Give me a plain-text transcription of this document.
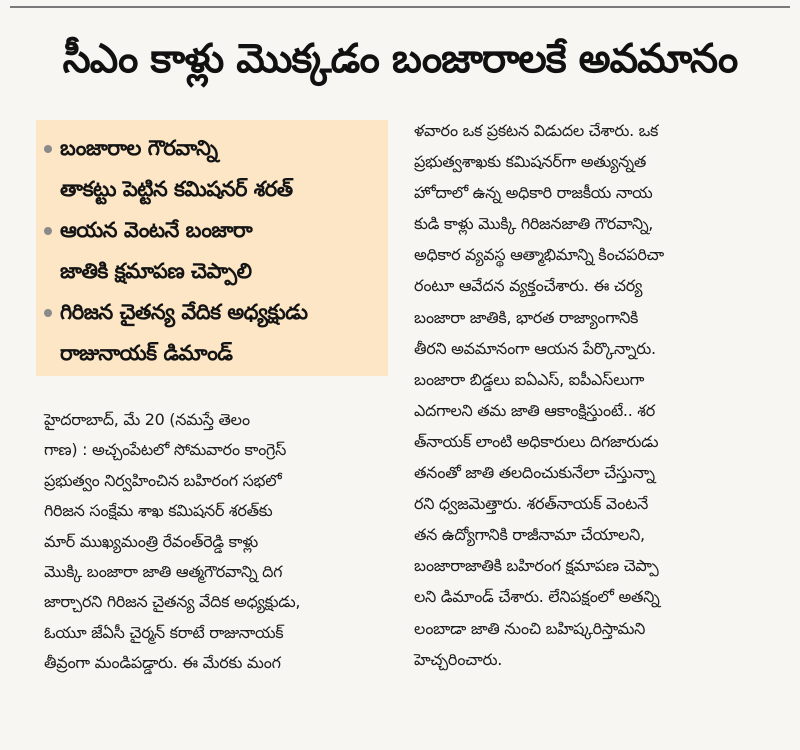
సీఎం కాళ్లు మొక్కడం బంజారాలకే అవమానం
బంజారాల గౌరవాన్ని
తాకట్టు పెట్టిన కమిషనర్ శరత్
ఆయన వెంటనే బంజారా
జాతికి క్షమాపణ చెప్పాలి
గిరిజన చైతన్య వేదిక అధ్యక్షుడు
రాజునాయక్ డిమాండ్
హైదరాబాద్, మే 20 (నమస్తే తెలం
గాణ) : అచ్చంపేటలో సోమవారం కాంగ్రెస్
ప్రభుత్వం నిర్వహించిన బహిరంగ సభలో
గిరిజన సంక్షేమ శాఖ కమిషనర్ శరత్‌కు
మార్ ముఖ్యమంత్రి రేవంత్‌రెడ్డి కాళ్లు
మొక్కి బంజారా జాతి ఆత్మగౌరవాన్ని దిగ
జార్చారని గిరిజన చైతన్య వేదిక అధ్యక్షుడు,
ఓయూ జేఏసీ చైర్మన్ కరాటే రాజునాయక్
తీవ్రంగా మండిపడ్డారు. ఈ మేరకు మంగ
ళవారం ఒక ప్రకటన విడుదల చేశారు. ఒక
ప్రభుత్వశాఖకు కమిషనర్‌గా అత్యున్నత
హోదాలో ఉన్న అధికారి రాజకీయ నాయ
కుడి కాళ్లు మొక్కి గిరిజనజాతి గౌరవాన్ని,
అధికార వ్యవస్థ ఆత్మాభిమాన్ని కించపరిచా
రంటూ ఆవేదన వ్యక్తంచేశారు. ఈ చర్య
బంజారా జాతికి, భారత రాజ్యాంగానికి
తీరని అవమానంగా ఆయన పేర్కొన్నారు.
బంజారా బిడ్డలు ఐఏఎస్, ఐపీఎస్‌లుగా
ఎదగాలని తమ జాతి ఆకాంక్షిస్తుంటే.. శర
త్‌నాయక్ లాంటి అధికారులు దిగజారుడు
తనంతో జాతి తలదించుకునేలా చేస్తున్నా
రని ధ్వజమెత్తారు. శరత్‌నాయక్ వెంటనే
తన ఉద్యోగానికి రాజీనామా చేయాలని,
బంజారాజాతికి బహిరంగ క్షమాపణ చెప్పా
లని డిమాండ్ చేశారు. లేనిపక్షంలో అతన్ని
లంబాడా జాతి నుంచి బహిష్కరిస్తామని
హెచ్చరించారు.
